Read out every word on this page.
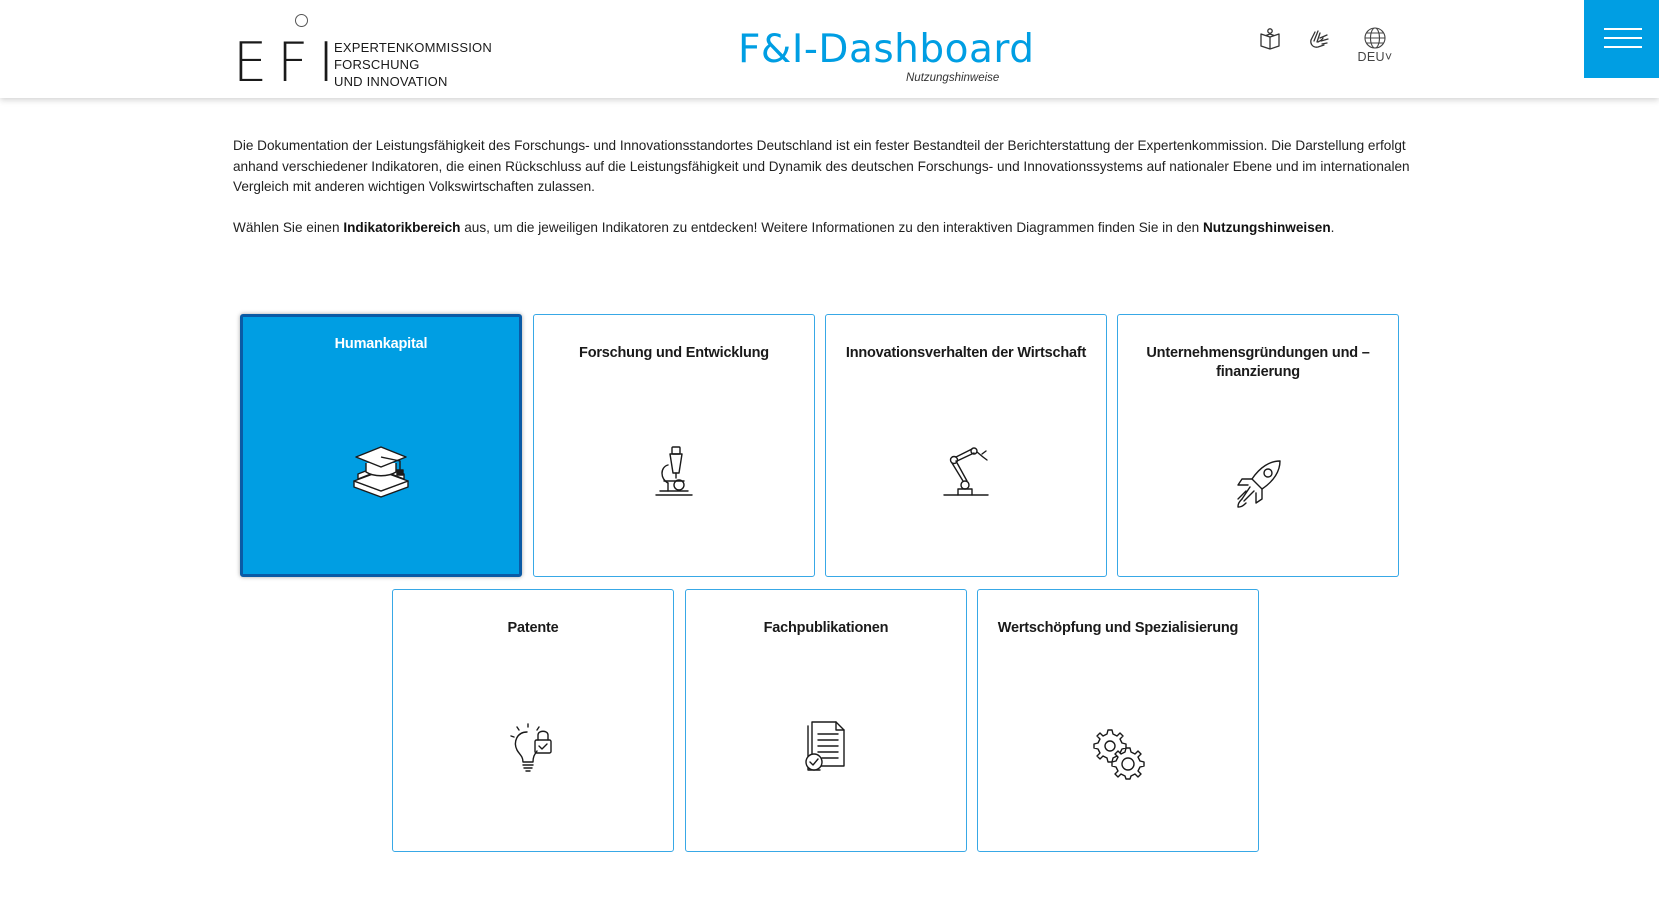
EFI
EXPERTENKOMMISSION
FORSCHUNG
UND INNOVATION
F&I-Dashboard
Nutzungshinweise
DEU˅

Die Dokumentation der Leistungsfähigkeit des Forschungs- und Innovationsstandortes Deutschland ist ein fester Bestandteil der Berichterstattung der Expertenkommission. Die Darstellung erfolgt anhand verschiedener Indikatoren, die einen Rückschluss auf die Leistungsfähigkeit und Dynamik des deutschen Forschungs- und Innovationssystems auf nationaler Ebene und im internationalen Vergleich mit anderen wichtigen Volkswirtschaften zulassen.

Wählen Sie einen Indikatorikbereich aus, um die jeweiligen Indikatoren zu entdecken! Weitere Informationen zu den interaktiven Diagrammen finden Sie in den Nutzungshinweisen.

Humankapital
Forschung und Entwicklung	Innovationsverhalten der Wirtschaft	Unternehmensgründungen und –finanzierung
Patente	Fachpublikationen	Wertschöpfung und Spezialisierung
